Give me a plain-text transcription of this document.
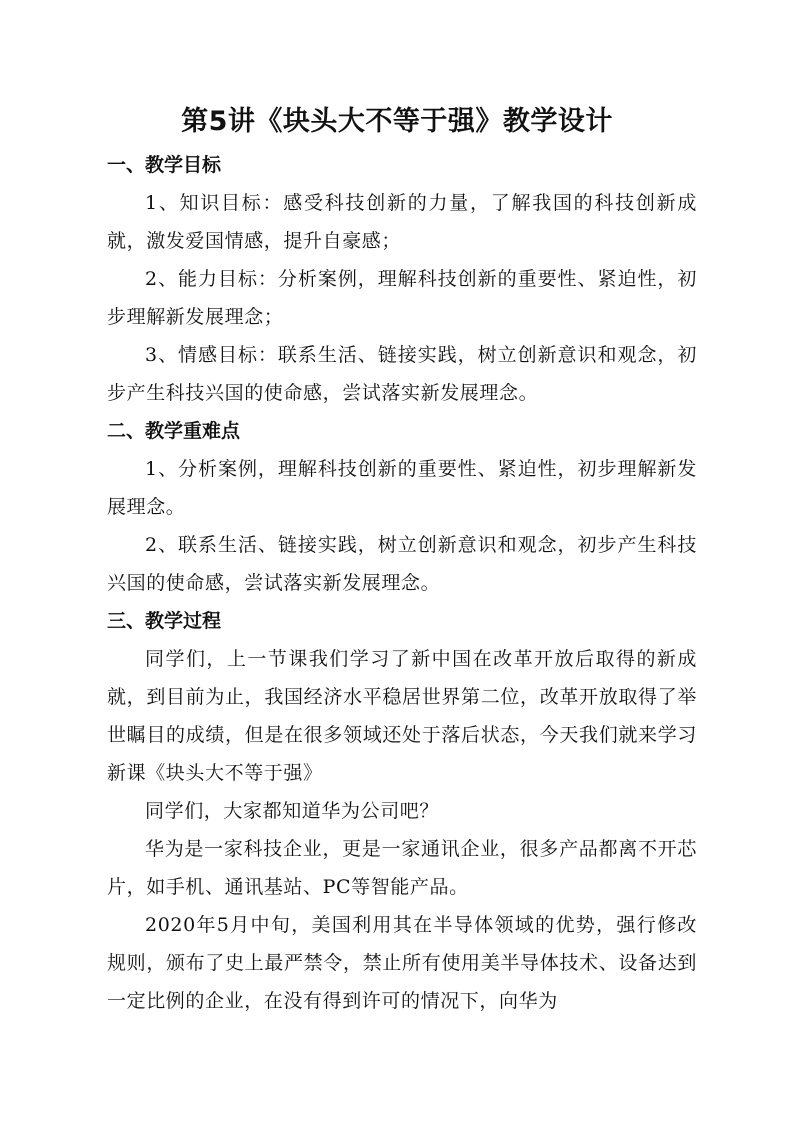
第5讲《块头大不等于强》教学设计
一、教学目标

1、知识目标：感受科技创新的力量，了解我国的科技创新成就，激发爱国情感，提升自豪感；

2、能力目标：分析案例，理解科技创新的重要性、紧迫性，初步理解新发展理念；

3、情感目标：联系生活、链接实践，树立创新意识和观念，初步产生科技兴国的使命感，尝试落实新发展理念。

二、教学重难点

1、分析案例，理解科技创新的重要性、紧迫性，初步理解新发展理念。

2、联系生活、链接实践，树立创新意识和观念，初步产生科技兴国的使命感，尝试落实新发展理念。

三、教学过程

同学们，上一节课我们学习了新中国在改革开放后取得的新成就，到目前为止，我国经济水平稳居世界第二位，改革开放取得了举世瞩目的成绩，但是在很多领域还处于落后状态，今天我们就来学习新课《块头大不等于强》

同学们，大家都知道华为公司吧？

华为是一家科技企业，更是一家通讯企业，很多产品都离不开芯片，如手机、通讯基站、PC等智能产品。

2020年5月中旬，美国利用其在半导体领域的优势，强行修改规则，颁布了史上最严禁令，禁止所有使用美半导体技术、设备达到一定比例的企业，在没有得到许可的情况下，向华为
